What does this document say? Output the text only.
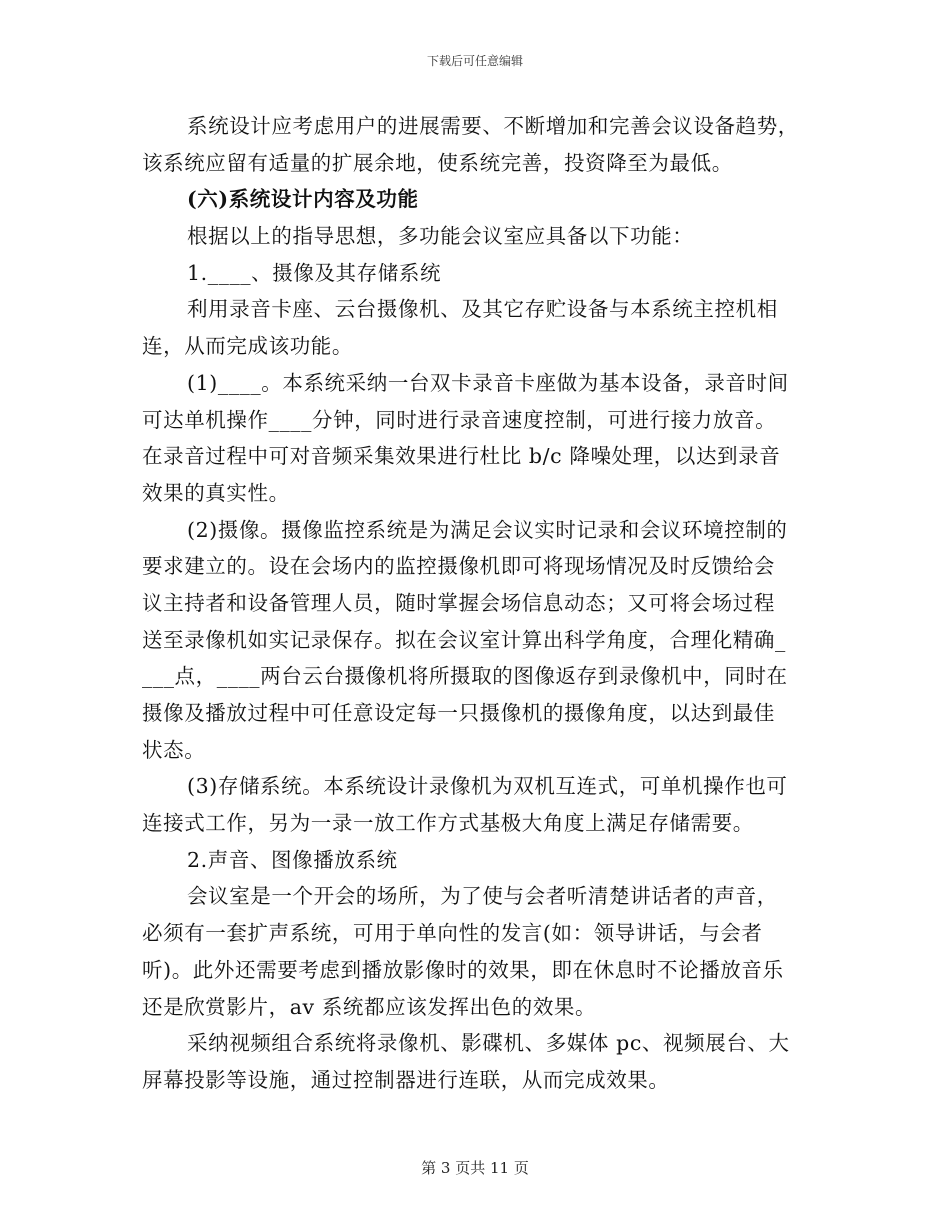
下载后可任意编辑
系统设计应考虑用户的进展需要、不断增加和完善会议设备趋势，
该系统应留有适量的扩展余地，使系统完善，投资降至为最低。
(六)系统设计内容及功能
根据以上的指导思想，多功能会议室应具备以下功能：
1.____、摄像及其存储系统
利用录音卡座、云台摄像机、及其它存贮设备与本系统主控机相
连，从而完成该功能。
(1)____。本系统采纳一台双卡录音卡座做为基本设备，录音时间
可达单机操作____分钟，同时进行录音速度控制，可进行接力放音。
在录音过程中可对音频采集效果进行杜比 b/c 降噪处理，以达到录音
效果的真实性。
(2)摄像。摄像监控系统是为满足会议实时记录和会议环境控制的
要求建立的。设在会场内的监控摄像机即可将现场情况及时反馈给会
议主持者和设备管理人员，随时掌握会场信息动态；又可将会场过程
送至录像机如实记录保存。拟在会议室计算出科学角度，合理化精确_
___点，____两台云台摄像机将所摄取的图像返存到录像机中，同时在
摄像及播放过程中可任意设定每一只摄像机的摄像角度，以达到最佳
状态。
(3)存储系统。本系统设计录像机为双机互连式，可单机操作也可
连接式工作，另为一录一放工作方式基极大角度上满足存储需要。
2.声音、图像播放系统
会议室是一个开会的场所，为了使与会者听清楚讲话者的声音，
必须有一套扩声系统，可用于单向性的发言(如：领导讲话，与会者
听)。此外还需要考虑到播放影像时的效果，即在休息时不论播放音乐
还是欣赏影片，av 系统都应该发挥出色的效果。
采纳视频组合系统将录像机、影碟机、多媒体 pc、视频展台、大
屏幕投影等设施，通过控制器进行连联，从而完成效果。
第 3 页共 11 页
